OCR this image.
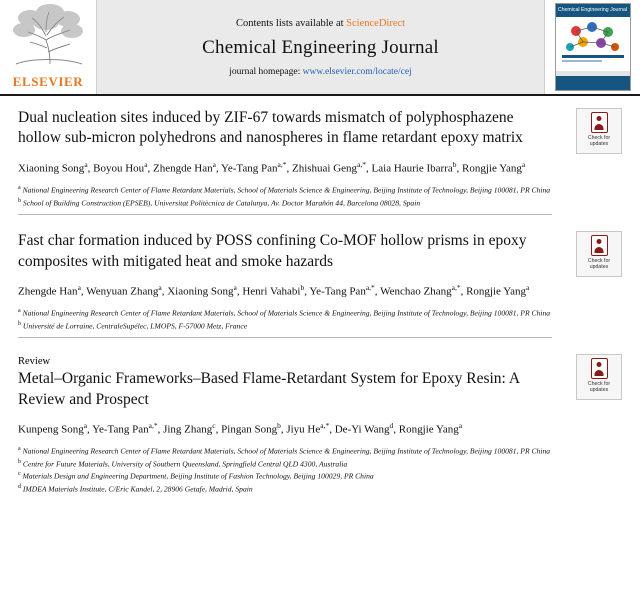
ELSEVIER
Contents lists available at ScienceDirect
Chemical Engineering Journal
journal homepage: www.elsevier.com/locate/cej
Chemical Engineering Journal
Check for
updates
Dual nucleation sites induced by ZIF-67 towards mismatch of polyphosphazene hollow sub-micron polyhedrons and nanospheres in flame retardant epoxy matrix
Xiaoning Song$^a$, Boyou Hou$^a$, Zhengde Han$^a$, Ye-Tang Pan$^{a,*}$, Zhishuai Geng$^{a,*}$, Laia Haurie Ibarra$^b$, Rongjie Yang$^a$
$^a$ National Engineering Research Center of Flame Retardant Materials, School of Materials Science & Engineering, Beijing Institute of Technology, Beijing 100081, PR China
$^b$ School of Building Construction (EPSEB), Universitat Politècnica de Catalunya, Av. Doctor Marañón 44, Barcelona 08028, Spain
Check for
updates
Fast char formation induced by POSS confining Co-MOF hollow prisms in epoxy composites with mitigated heat and smoke hazards
Zhengde Han$^a$, Wenyuan Zhang$^a$, Xiaoning Song$^a$, Henri Vahabi$^b$, Ye-Tang Pan$^{a,*}$, Wenchao Zhang$^{a,*}$, Rongjie Yang$^a$
$^a$ National Engineering Research Center of Flame Retardant Materials, School of Materials Science & Engineering, Beijing Institute of Technology, Beijing 100081, PR China
$^b$ Université de Lorraine, CentraleSupélec, LMOPS, F-57000 Metz, France
Check for
updates
Review
Metal–Organic Frameworks–Based Flame-Retardant System for Epoxy Resin: A Review and Prospect
Kunpeng Song$^a$, Ye-Tang Pan$^{a,*}$, Jing Zhang$^c$, Pingan Song$^b$, Jiyu $He^{a,*}$, De-Yi Wang$^d$, Rongjie Yang$^a$
$^a$ National Engineering Research Center of Flame Retardant Materials, School of Materials Science & Engineering, Beijing Institute of Technology, Beijing 100081, PR China
$^b$ Centre for Future Materials, University of Southern Queensland, Springfield Central QLD 4300, Australia
$^c$ Materials Design and Engineering Department, Beijing Institute of Fashion Technology, Beijing 100029, PR China
$^d$ IMDEA Materials Institute, C/Eric Kandel, 2, 28906 Getafe, Madrid, Spain
